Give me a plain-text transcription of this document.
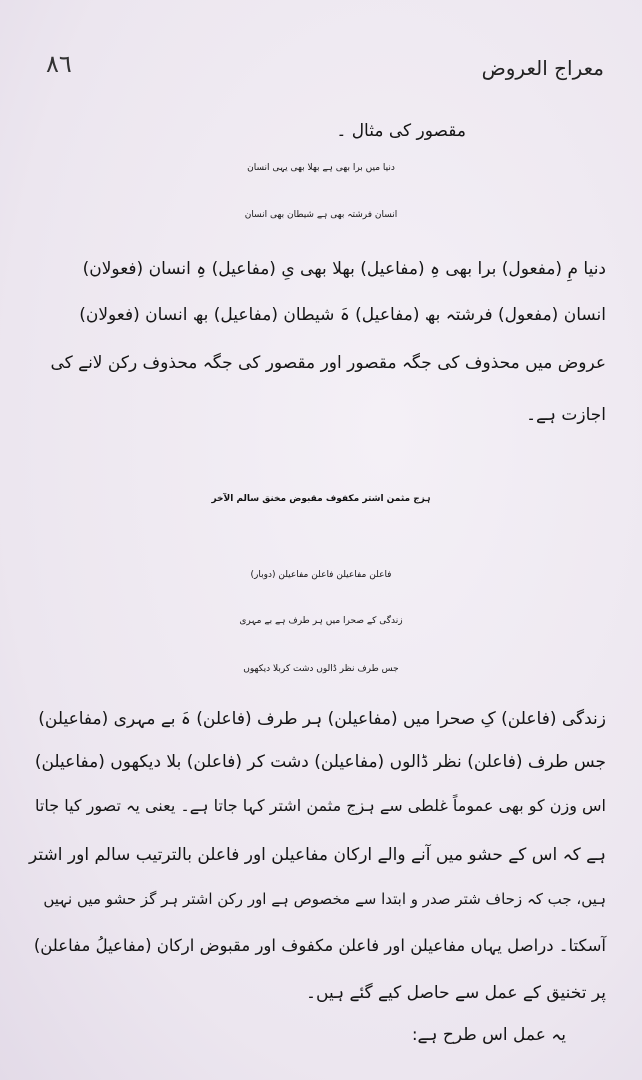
٨٦	معراج العروض
مقصور کی مثال ۔
دنیا میں برا بھی ہے بھلا بھی یہی انسان
انسان فرشتہ بھی ہے شیطان بھی انسان
دنیا مِ (مفعول) برا بھی ہِ (مفاعیل) بھلا بھی یِ (مفاعیل) ہِ انسان (فعولان)
انسان (مفعول) فرشتہ بھ (مفاعیل) ہَ شیطان (مفاعیل) بھ انسان (فعولان)
عروض میں محذوف کی جگہ مقصور اور مقصور کی جگہ محذوف رکن لانے کی
اجازت ہے۔
ہزج مثمن اشتر مکفوف مقبوض مخنق سالم الآخر
فاعلن مفاعیلن فاعلن مفاعیلن (دوبار)
زندگی کے صحرا میں ہر طرف ہے بے مہری
جس طرف نظر ڈالوں دشت کربلا دیکھوں
زندگی (فاعلن) کِ صحرا میں (مفاعیلن) ہر طرف (فاعلن) ہَ بے مہری (مفاعیلن)
جس طرف (فاعلن) نظر ڈالوں (مفاعیلن) دشت کر (فاعلن) بلا دیکھوں (مفاعیلن)
اس وزن کو بھی عموماً غلطی سے ہزج مثمن اشتر کہا جاتا ہے۔ یعنی یہ تصور کیا جاتا
ہے کہ اس کے حشو میں آنے والے ارکان مفاعیلن اور فاعلن بالترتیب سالم اور اشتر
ہیں، جب کہ زحاف شتر صدر و ابتدا سے مخصوص ہے اور رکن اشتر ہر گز حشو میں نہیں
آسکتا۔ دراصل یہاں مفاعیلن اور فاعلن مکفوف اور مقبوض ارکان (مفاعیلُ مفاعلن)
پر تخنیق کے عمل سے حاصل کیے گئے ہیں۔
یہ عمل اس طرح ہے:
